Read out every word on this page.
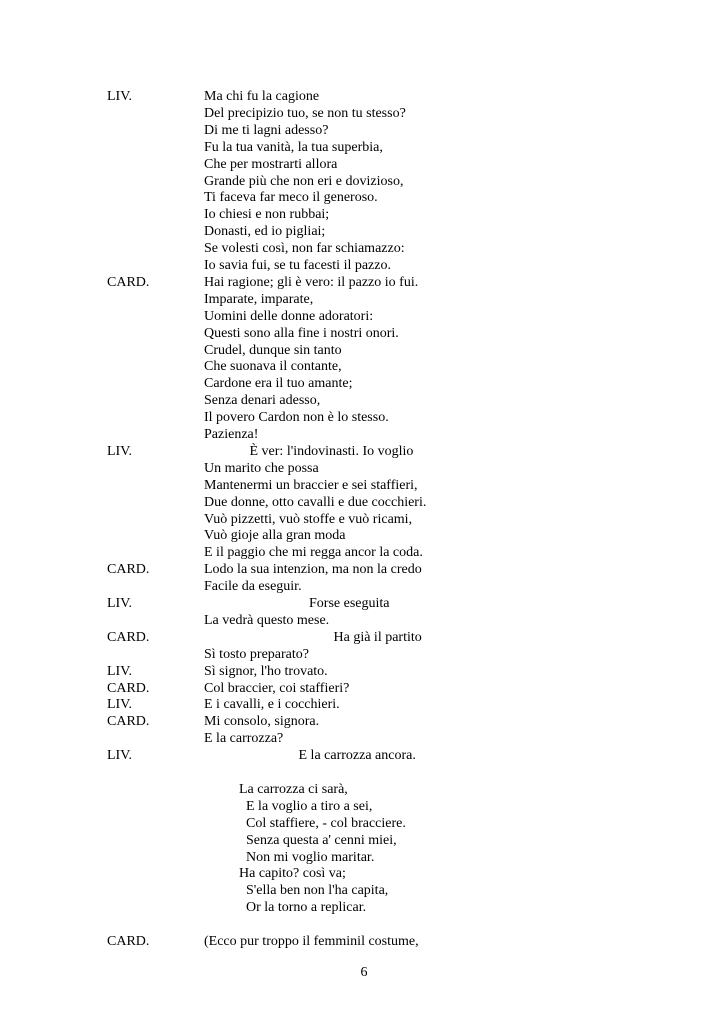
LIV.	Ma chi fu la cagione
Del precipizio tuo, se non tu stesso?
Di me ti lagni adesso?
Fu la tua vanità, la tua superbia,
Che per mostrarti allora
Grande più che non eri e dovizioso,
Ti faceva far meco il generoso.
Io chiesi e non rubbai;
Donasti, ed io pigliai;
Se volesti così, non far schiamazzo:
Io savia fui, se tu facesti il pazzo.
CARD.	Hai ragione; gli è vero: il pazzo io fui.
Imparate, imparate,
Uomini delle donne adoratori:
Questi sono alla fine i nostri onori.
Crudel, dunque sin tanto
Che suonava il contante,
Cardone era il tuo amante;
Senza denari adesso,
Il povero Cardon non è lo stesso.
Pazienza!
LIV.	È ver: l'indovinasti. Io voglio
Un marito che possa
Mantenermi un braccier e sei staffieri,
Due donne, otto cavalli e due cocchieri.
Vuò pizzetti, vuò stoffe e vuò ricami,
Vuò gioje alla gran moda
E il paggio che mi regga ancor la coda.
CARD.	Lodo la sua intenzion, ma non la credo
Facile da eseguir.
LIV.	Forse eseguita
La vedrà questo mese.
CARD.	Ha già il partito
Sì tosto preparato?
LIV.	Sì signor, l'ho trovato.
CARD.	Col braccier, coi staffieri?
LIV.	E i cavalli, e i cocchieri.
CARD.	Mi consolo, signora.
E la carrozza?
LIV.	E la carrozza ancora.
La carrozza ci sarà,
E la voglio a tiro a sei,
Col staffiere, - col bracciere.
Senza questa a' cenni miei,
Non mi voglio maritar.
Ha capito? così va;
S'ella ben non l'ha capita,
Or la torno a replicar.
CARD.	(Ecco pur troppo il femminil costume,
6
